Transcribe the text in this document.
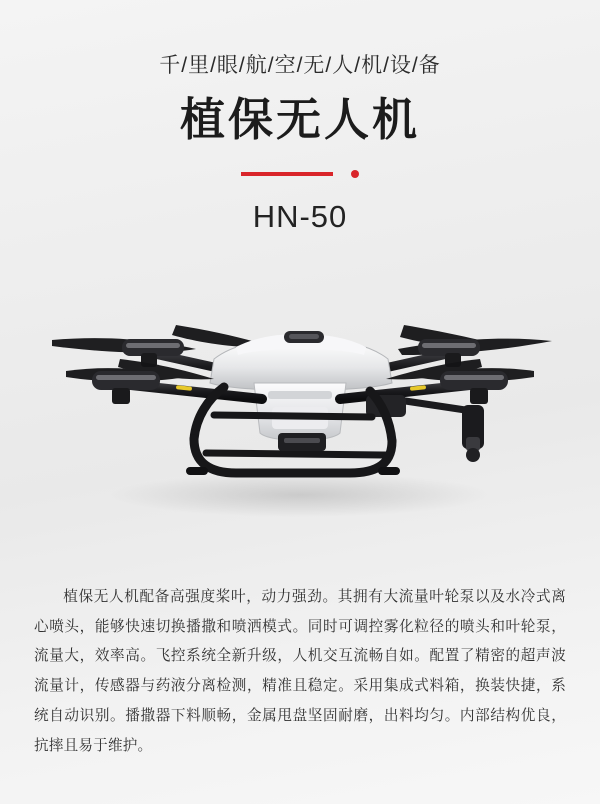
千/里/眼/航/空/无/人/机/设/备
植保无人机
HN-50

植保无人机配备高强度桨叶，动力强劲。其拥有大流量叶轮泵以及水冷式离心喷头，能够快速切换播撒和喷洒模式。同时可调控雾化粒径的喷头和叶轮泵，流量大，效率高。飞控系统全新升级，人机交互流畅自如。配置了精密的超声波流量计，传感器与药液分离检测，精准且稳定。采用集成式料箱，换装快捷，系统自动识别。播撒器下料顺畅，金属甩盘坚固耐磨，出料均匀。内部结构优良，抗摔且易于维护。
